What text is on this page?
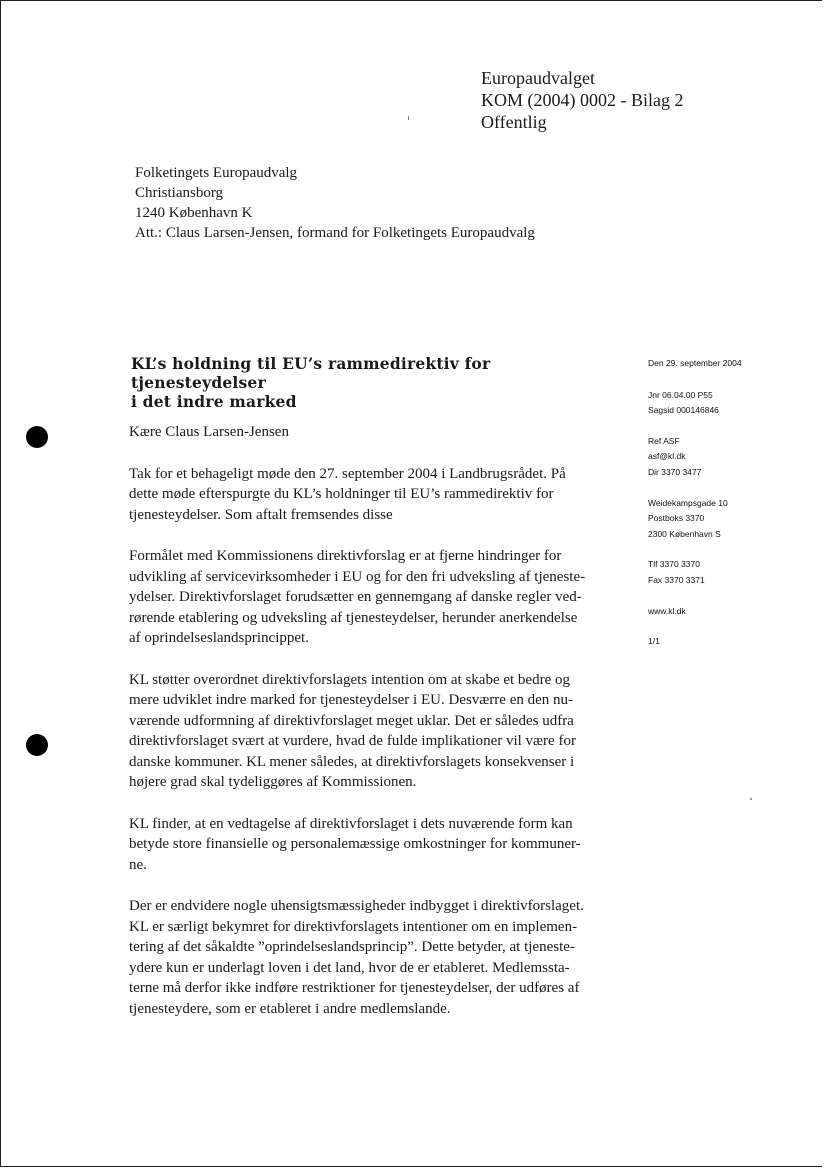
Europaudvalget
KOM (2004) 0002 - Bilag 2
Offentlig
Folketingets Europaudvalg
Christiansborg
1240 København K
Att.: Claus Larsen-Jensen, formand for Folketingets Europaudvalg
KL’s holdning til EU’s rammedirektiv for tjenesteydelser
i det indre marked
Den 29. september 2004
Jnr 06.04.00 P55
Sagsid 000146846
Ref ASF
asf@kl.dk
Dir 3370 3477
Weidekampsgade 10
Postboks 3370
2300 København S
Tlf 3370 3370
Fax 3370 3371
www.kl.dk
1/1
Kære Claus Larsen-Jensen

Tak for et behageligt møde den 27. september 2004 i Landbrugsrådet. På
dette møde efterspurgte du KL’s holdninger til EU’s rammedirektiv for
tjenesteydelser. Som aftalt fremsendes disse

Formålet med Kommissionens direktivforslag er at fjerne hindringer for
udvikling af servicevirksomheder i EU og for den fri udveksling af tjeneste-
ydelser. Direktivforslaget forudsætter en gennemgang af danske regler ved-
rørende etablering og udveksling af tjenesteydelser, herunder anerkendelse
af oprindelseslandsprincippet.

KL støtter overordnet direktivforslagets intention om at skabe et bedre og
mere udviklet indre marked for tjenesteydelser i EU. Desværre en den nu-
værende udformning af direktivforslaget meget uklar. Det er således udfra
direktivforslaget svært at vurdere, hvad de fulde implikationer vil være for
danske kommuner. KL mener således, at direktivforslagets konsekvenser i
højere grad skal tydeliggøres af Kommissionen.

KL finder, at en vedtagelse af direktivforslaget i dets nuværende form kan
betyde store finansielle og personalemæssige omkostninger for kommuner-
ne.

Der er endvidere nogle uhensigtsmæssigheder indbygget i direktivforslaget.
KL er særligt bekymret for direktivforslagets intentioner om en implemen-
tering af det såkaldte ”oprindelseslandsprincip”. Dette betyder, at tjeneste-
ydere kun er underlagt loven i det land, hvor de er etableret. Medlemssta-
terne må derfor ikke indføre restriktioner for tjenesteydelser, der udføres af
tjenesteydere, som er etableret i andre medlemslande.
